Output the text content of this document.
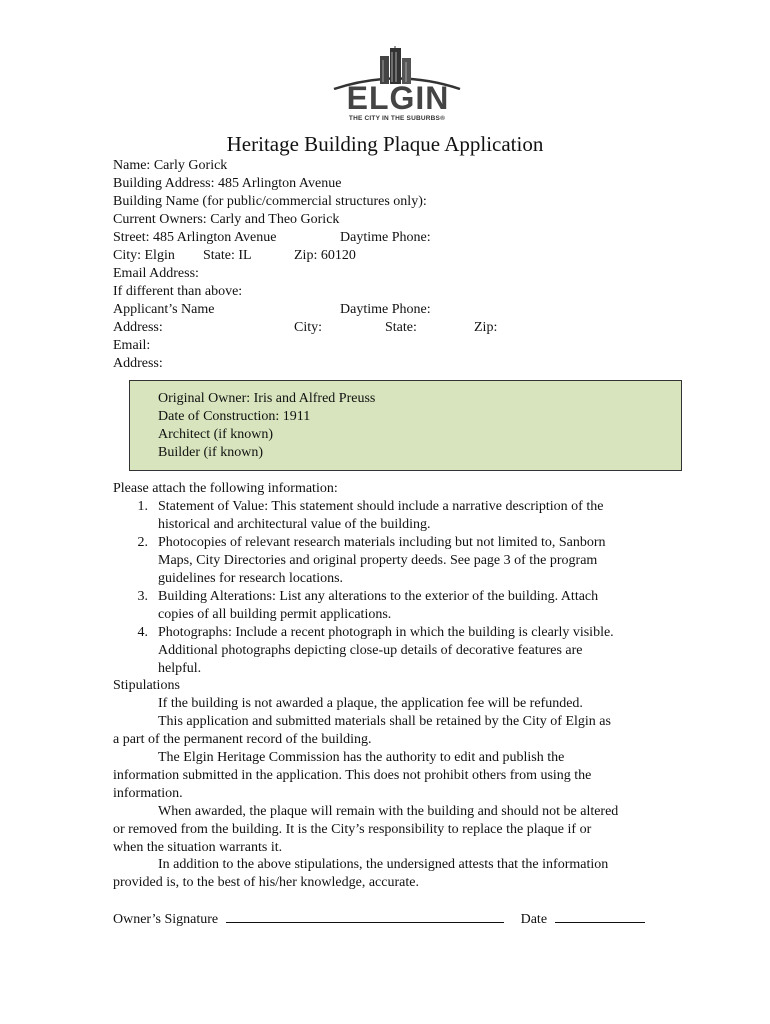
ELGIN
THE CITY IN THE SUBURBS®
Heritage Building Plaque Application
Name: Carly Gorick
Building Address: 485 Arlington Avenue
Building Name (for public/commercial structures only):
Current Owners: Carly and Theo Gorick
Street: 485 Arlington Avenue	Daytime Phone:
City: Elgin State: IL	Zip: 60120
Email Address:
If different than above:
Applicant’s Name	Daytime Phone:
Address:	City:	State:	Zip:
Email:
Address:
Original Owner: Iris and Alfred Preuss
Date of Construction: 1911
Architect (if known)
Builder (if known)
Please attach the following information:
1. Statement of Value: This statement should include a narrative description of the
historical and architectural value of the building.
2. Photocopies of relevant research materials including but not limited to, Sanborn
Maps, City Directories and original property deeds. See page 3 of the program
guidelines for research locations.
3. Building Alterations: List any alterations to the exterior of the building. Attach
copies of all building permit applications.
4. Photographs: Include a recent photograph in which the building is clearly visible.
Additional photographs depicting close-up details of decorative features are
helpful.
Stipulations
If the building is not awarded a plaque, the application fee will be refunded.
This application and submitted materials shall be retained by the City of Elgin as
a part of the permanent record of the building.
The Elgin Heritage Commission has the authority to edit and publish the
information submitted in the application. This does not prohibit others from using the
information.
When awarded, the plaque will remain with the building and should not be altered
or removed from the building. It is the City’s responsibility to replace the plaque if or
when the situation warrants it.
In addition to the above stipulations, the undersigned attests that the information
provided is, to the best of his/her knowledge, accurate.
Owner’s Signature	Date
